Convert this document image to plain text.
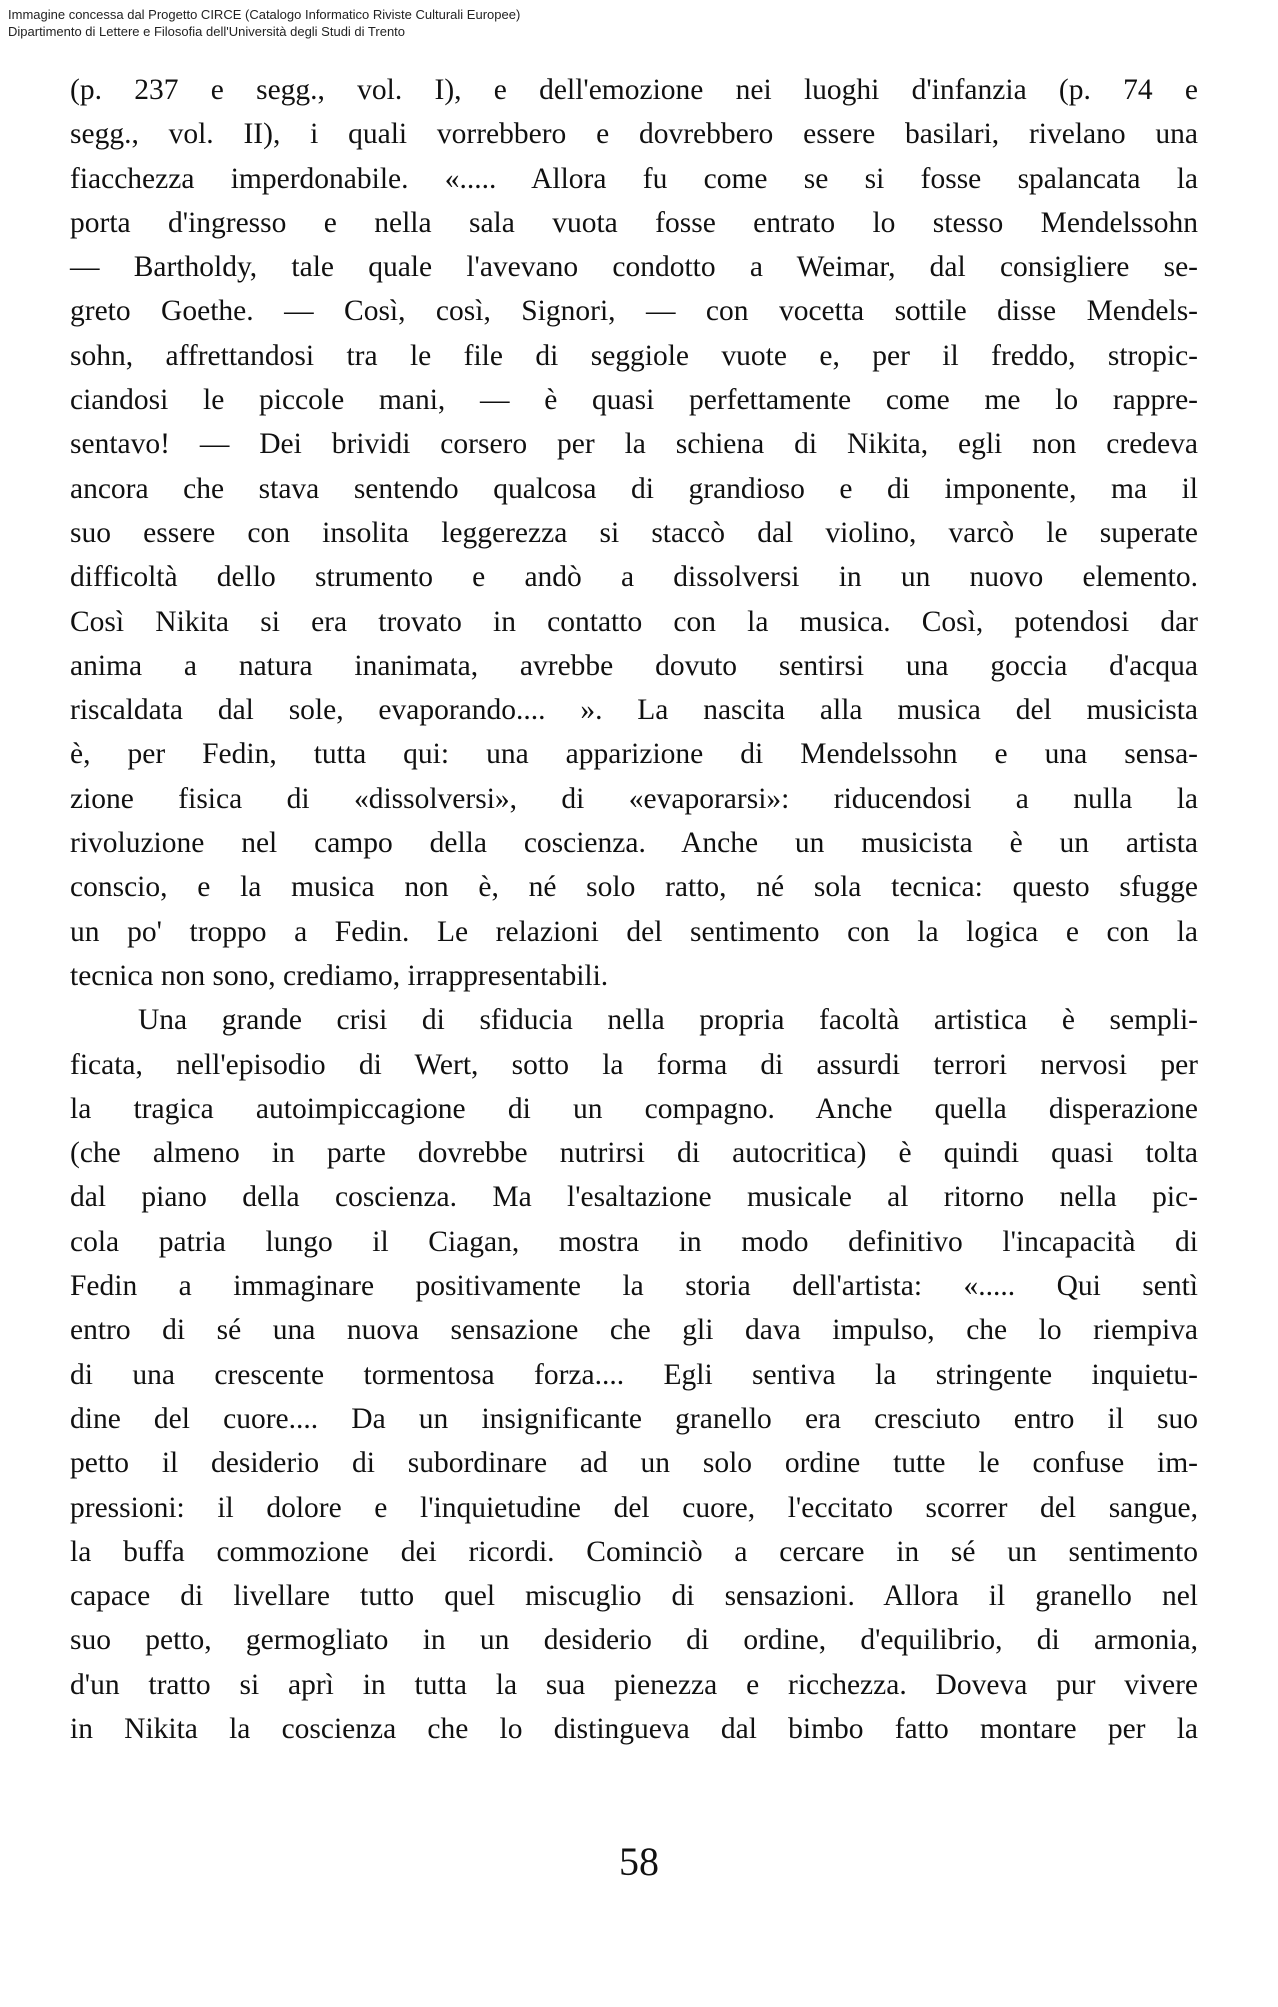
Immagine concessa dal Progetto CIRCE (Catalogo Informatico Riviste Culturali Europee)
Dipartimento di Lettere e Filosofia dell'Università degli Studi di Trento
(p. 237 e segg., vol. I), e dell'emozione nei luoghi d'infanzia (p. 74 e
segg., vol. II), i quali vorrebbero e dovrebbero essere basilari, rivelano una
fiacchezza imperdonabile. «..... Allora fu come se si fosse spalancata la
porta d'ingresso e nella sala vuota fosse entrato lo stesso Mendelssohn
— Bartholdy, tale quale l'avevano condotto a Weimar, dal consigliere se-
greto Goethe. — Così, così, Signori, — con vocetta sottile disse Mendels-
sohn, affrettandosi tra le file di seggiole vuote e, per il freddo, stropic-
ciandosi le piccole mani, — è quasi perfettamente come me lo rappre-
sentavo! — Dei brividi corsero per la schiena di Nikita, egli non credeva
ancora che stava sentendo qualcosa di grandioso e di imponente, ma il
suo essere con insolita leggerezza si staccò dal violino, varcò le superate
difficoltà dello strumento e andò a dissolversi in un nuovo elemento.
Così Nikita si era trovato in contatto con la musica. Così, potendosi dar
anima a natura inanimata, avrebbe dovuto sentirsi una goccia d'acqua
riscaldata dal sole, evaporando.... ». La nascita alla musica del musicista
è, per Fedin, tutta qui: una apparizione di Mendelssohn e una sensa-
zione fisica di «dissolversi», di «evaporarsi»: riducendosi a nulla la
rivoluzione nel campo della coscienza. Anche un musicista è un artista
conscio, e la musica non è, né solo ratto, né sola tecnica: questo sfugge
un po' troppo a Fedin. Le relazioni del sentimento con la logica e con la
tecnica non sono, crediamo, irrappresentabili.
Una grande crisi di sfiducia nella propria facoltà artistica è sempli-
ficata, nell'episodio di Wert, sotto la forma di assurdi terrori nervosi per
la tragica autoimpiccagione di un compagno. Anche quella disperazione
(che almeno in parte dovrebbe nutrirsi di autocritica) è quindi quasi tolta
dal piano della coscienza. Ma l'esaltazione musicale al ritorno nella pic-
cola patria lungo il Ciagan, mostra in modo definitivo l'incapacità di
Fedin a immaginare positivamente la storia dell'artista: «..... Qui sentì
entro di sé una nuova sensazione che gli dava impulso, che lo riempiva
di una crescente tormentosa forza.... Egli sentiva la stringente inquietu-
dine del cuore.... Da un insignificante granello era cresciuto entro il suo
petto il desiderio di subordinare ad un solo ordine tutte le confuse im-
pressioni: il dolore e l'inquietudine del cuore, l'eccitato scorrer del sangue,
la buffa commozione dei ricordi. Cominciò a cercare in sé un sentimento
capace di livellare tutto quel miscuglio di sensazioni. Allora il granello nel
suo petto, germogliato in un desiderio di ordine, d'equilibrio, di armonia,
d'un tratto si aprì in tutta la sua pienezza e ricchezza. Doveva pur vivere
in Nikita la coscienza che lo distingueva dal bimbo fatto montare per la
58
